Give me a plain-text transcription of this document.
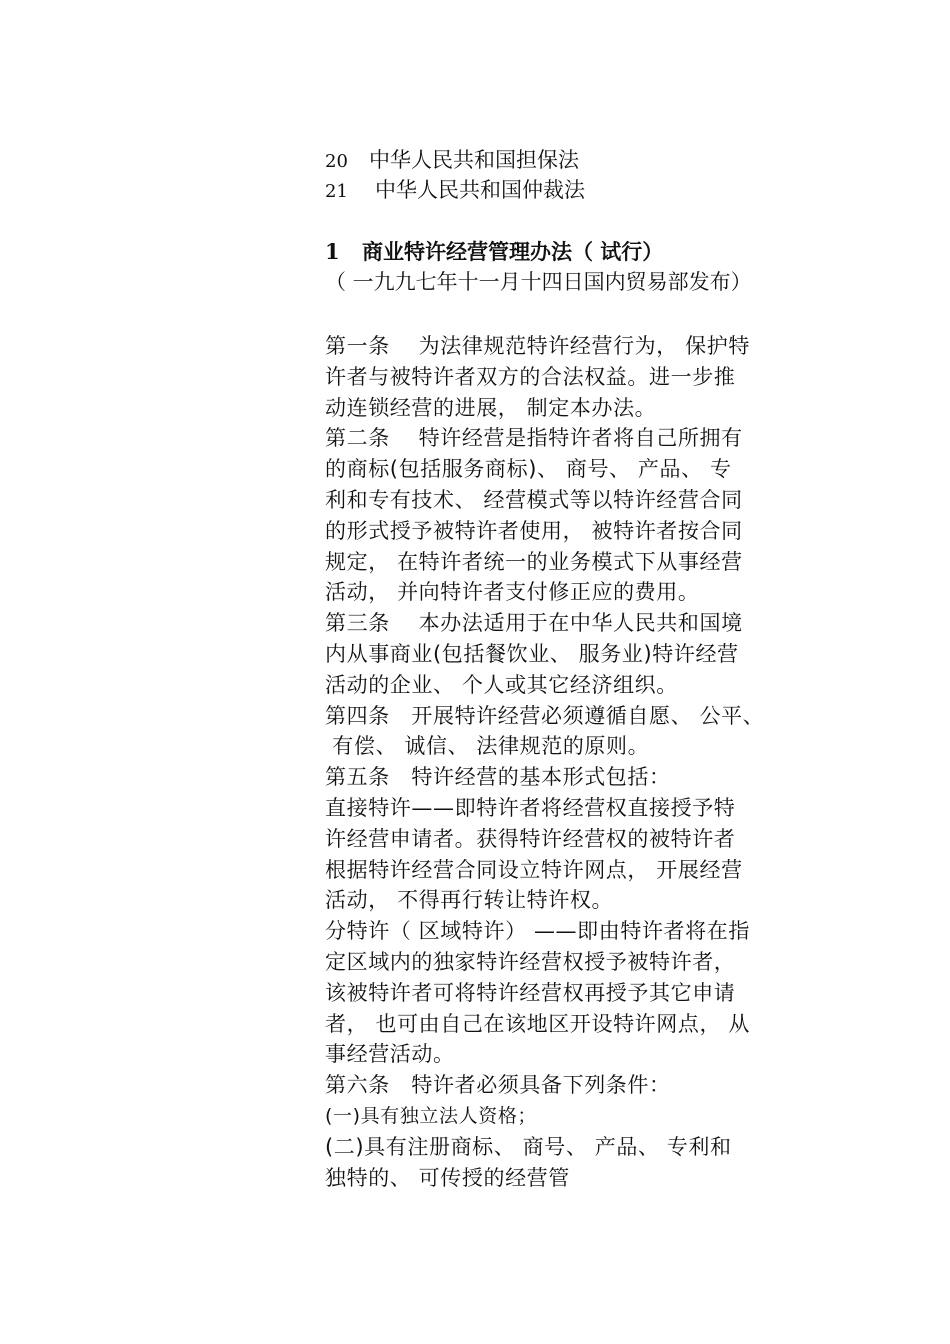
20 中华人民共和国担保法
21 中华人民共和国仲裁法
1 商业特许经营管理办法（ 试行）
（ 一九九七年十一月十四日国内贸易部发布）
第一条　 为法律规范特许经营行为， 保护特
许者与被特许者双方的合法权益。进一步推
动连锁经营的进展， 制定本办法。
第二条　 特许经营是指特许者将自己所拥有
的商标(包括服务商标)、 商号、 产品、 专
利和专有技术、 经营模式等以特许经营合同
的形式授予被特许者使用， 被特许者按合同
规定， 在特许者统一的业务模式下从事经营
活动， 并向特许者支付修正应的费用。
第三条　 本办法适用于在中华人民共和国境
内从事商业(包括餐饮业、 服务业)特许经营
活动的企业、 个人或其它经济组织。
第四条　开展特许经营必须遵循自愿、 公平、
有偿、 诚信、 法律规范的原则。
第五条　特许经营的基本形式包括：
直接特许——即特许者将经营权直接授予特
许经营申请者。获得特许经营权的被特许者
根据特许经营合同设立特许网点， 开展经营
活动， 不得再行转让特许权。
分特许（ 区域特许） ——即由特许者将在指
定区域内的独家特许经营权授予被特许者，
该被特许者可将特许经营权再授予其它申请
者， 也可由自己在该地区开设特许网点， 从
事经营活动。
第六条　特许者必须具备下列条件：
(一)具有独立法人资格；
(二)具有注册商标、 商号、 产品、 专利和
独特的、 可传授的经营管
